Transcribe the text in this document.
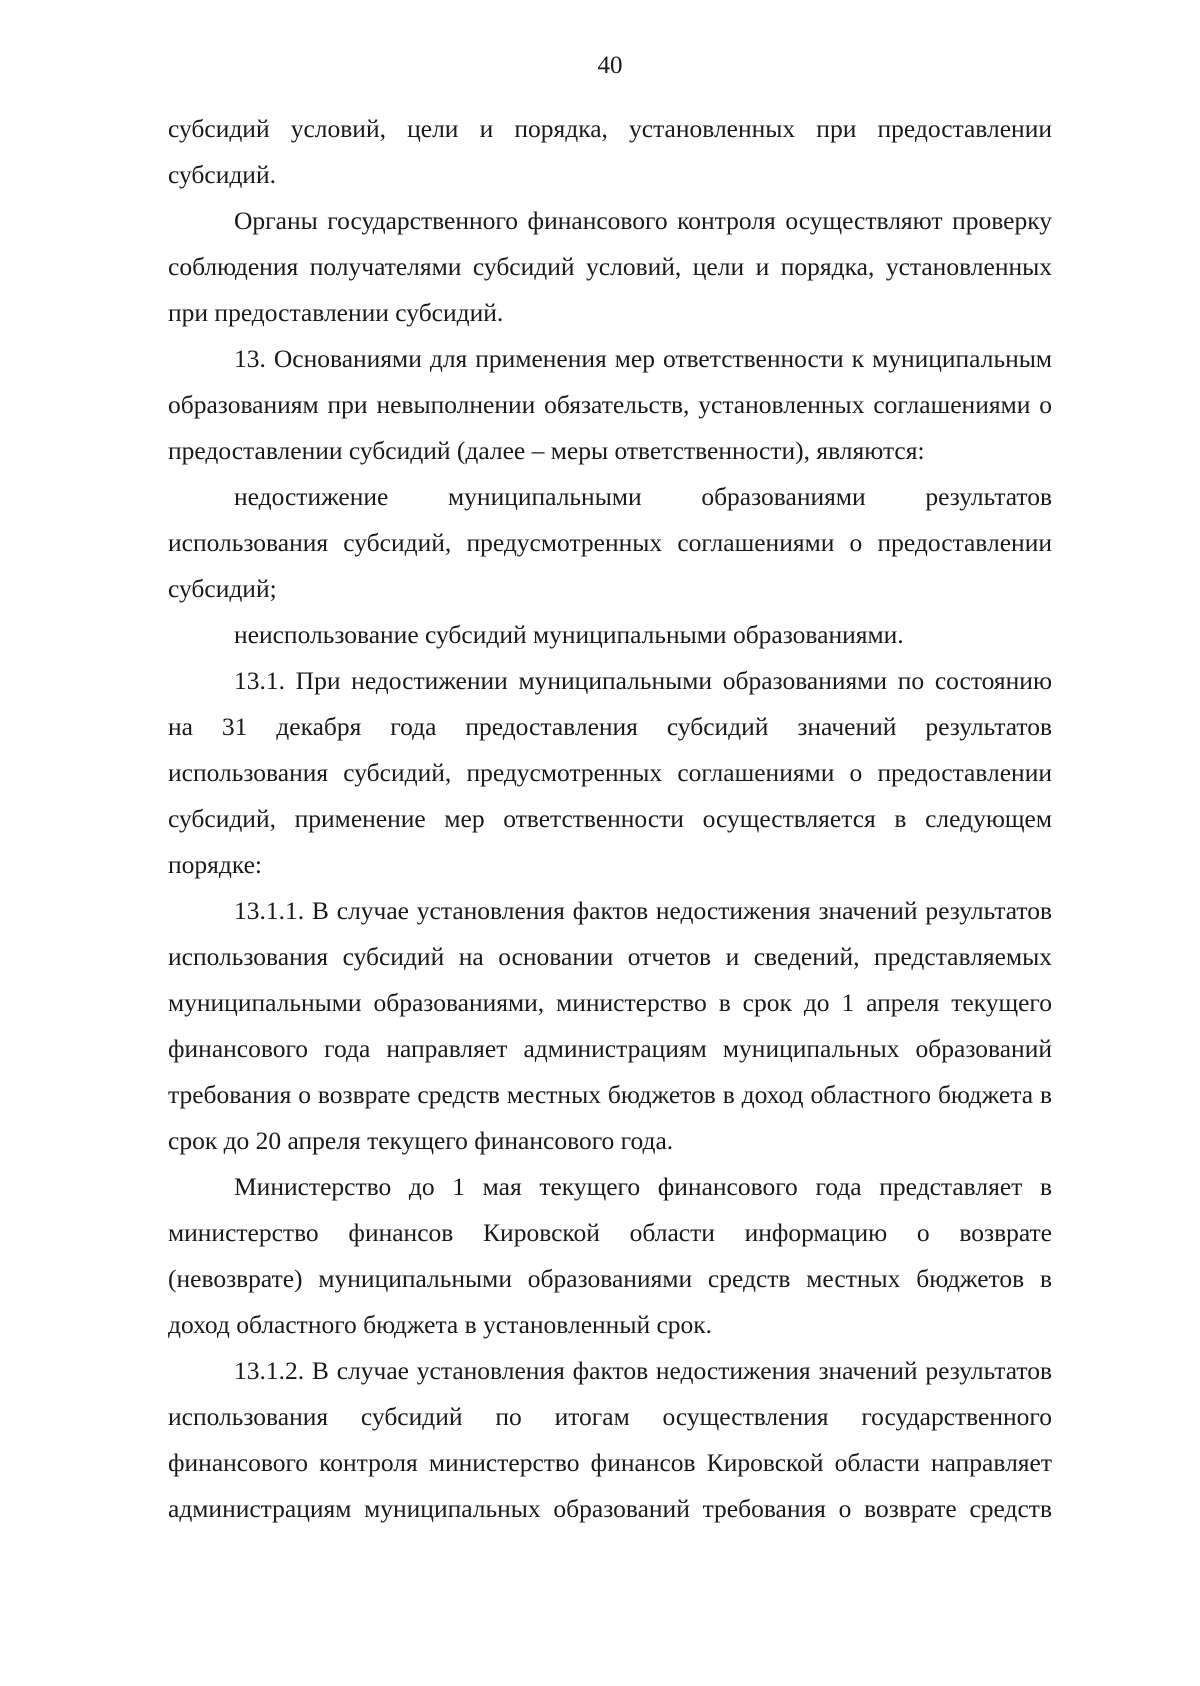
40

субсидий условий, цели и порядка, установленных при предоставлении субсидий.

Органы государственного финансового контроля осуществляют проверку соблюдения получателями субсидий условий, цели и порядка, установленных при предоставлении субсидий.

13. Основаниями для применения мер ответственности к муниципальным образованиям при невыполнении обязательств, установленных соглашениями о предоставлении субсидий (далее – меры ответственности), являются:

недостижение муниципальными образованиями результатов использования субсидий, предусмотренных соглашениями о предоставлении субсидий;

неиспользование субсидий муниципальными образованиями.

13.1. При недостижении муниципальными образованиями по состоянию на 31 декабря года предоставления субсидий значений результатов использования субсидий, предусмотренных соглашениями о предоставлении субсидий, применение мер ответственности осуществляется в следующем порядке:

13.1.1. В случае установления фактов недостижения значений результатов использования субсидий на основании отчетов и сведений, представляемых муниципальными образованиями, министерство в срок до 1 апреля текущего финансового года направляет администрациям муниципальных образований требования о возврате средств местных бюджетов в доход областного бюджета в срок до 20 апреля текущего финансового года.

Министерство до 1 мая текущего финансового года представляет в министерство финансов Кировской области информацию о возврате (невозврате) муниципальными образованиями средств местных бюджетов в доход областного бюджета в установленный срок.

13.1.2. В случае установления фактов недостижения значений результатов использования субсидий по итогам осуществления государственного финансового контроля министерство финансов Кировской области направляет администрациям муниципальных образований требования о возврате средств
